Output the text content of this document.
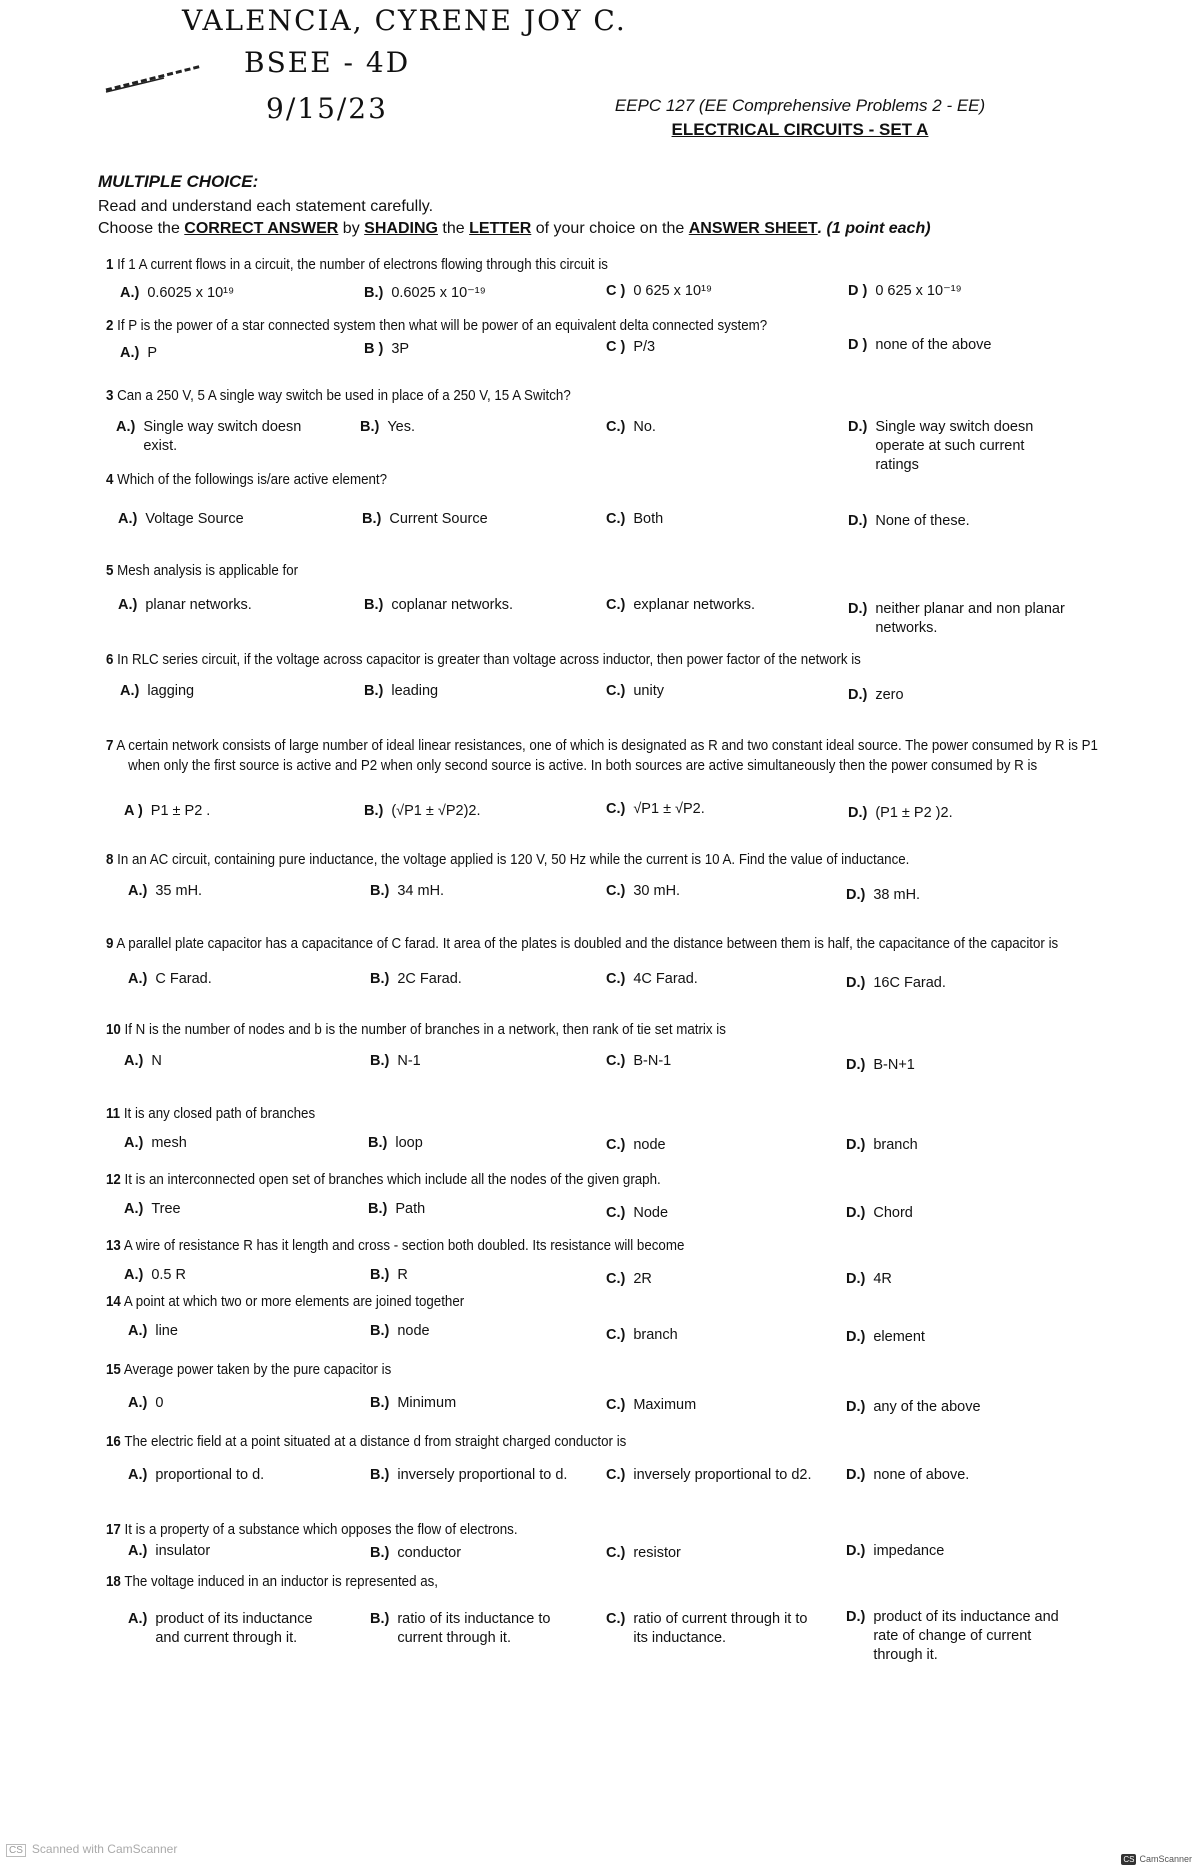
VALENCIA, CYRENE JOY C.
BSEE - 4D
9/15/23	EEPC 127 (EE Comprehensive Problems 2 - EE)
ELECTRICAL CIRCUITS - SET A
MULTIPLE CHOICE:
Read and understand each statement carefully.
Choose the CORRECT ANSWER by SHADING the LETTER of your choice on the ANSWER SHEET. (1 point each)
1 If 1 A current flows in a circuit, the number of electrons flowing through this circuit is
A.) 0.6025 x 10¹⁹	B.) 0.6025 x 10⁻¹⁹	C ) 0 625 x 10¹⁹	D ) 0 625 x 10⁻¹⁹
2 If P is the power of a star connected system then what will be power of an equivalent delta connected system?
A.) P	B ) 3P	C ) P/3	D ) none of the above
3 Can a 250 V, 5 A single way switch be used in place of a 250 V, 15 A Switch?
A.) Single way switch doesn exist.
B.) Yes.	C.) No.	D.) Single way switch doesn operate at such current ratings
4 Which of the followings is/are active element?
A.) Voltage Source	B.) Current Source	C.) Both	D.) None of these.
5 Mesh analysis is applicable for
A.) planar networks.	B.) coplanar networks.	C.) explanar networks.	D.) neither planar and non planar networks.
6 In RLC series circuit, if the voltage across capacitor is greater than voltage across inductor, then power factor of the network is
A.) lagging	B.) leading	C.) unity	D.) zero
7 A certain network consists of large number of ideal linear resistances, one of which is designated as R and two constant ideal source. The power consumed by R is P1 when only the first source is active and P2 when only second source is active. In both sources are active simultaneously then the power consumed by R is
A ) P1 ± P2 .	B.) (√P1 ± √P2)2.	C.) √P1 ± √P2.	D.) (P1 ± P2 )2.
8 In an AC circuit, containing pure inductance, the voltage applied is 120 V, 50 Hz while the current is 10 A. Find the value of inductance.
A.) 35 mH.	B.) 34 mH.	C.) 30 mH.	D.) 38 mH.
9 A parallel plate capacitor has a capacitance of C farad. It area of the plates is doubled and the distance between them is half, the capacitance of the capacitor is
A.) C Farad.	B.) 2C Farad.	C.) 4C Farad.	D.) 16C Farad.
10 If N is the number of nodes and b is the number of branches in a network, then rank of tie set matrix is
A.) N	B.) N-1	C.) B-N-1	D.) B-N+1
11 It is any closed path of branches
A.) mesh	B.) loop	C.) node	D.) branch
12 It is an interconnected open set of branches which include all the nodes of the given graph.
A.) Tree	B.) Path	C.) Node	D.) Chord
13 A wire of resistance R has it length and cross - section both doubled. Its resistance will become
A.) 0.5 R	B.) R	C.) 2R	D.) 4R
14 A point at which two or more elements are joined together
A.) line	B.) node	C.) branch	D.) element
15 Average power taken by the pure capacitor is
A.) 0	B.) Minimum	C.) Maximum	D.) any of the above
16 The electric field at a point situated at a distance d from straight charged conductor is
A.) proportional to d.	B.) inversely proportional to d.	C.) inversely proportional to d2. D.) none of above.
17 It is a property of a substance which opposes the flow of electrons.
A.) insulator	B.) conductor	C.) resistor	D.) impedance
18 The voltage induced in an inductor is represented as,
A.) product of its inductance and current through it.
B.) ratio of its inductance to current through it.
C.) ratio of current through it to its inductance.
D.) product of its inductance and rate of change of current through it.
CS Scanned with CamScanner
CS CamScanner
